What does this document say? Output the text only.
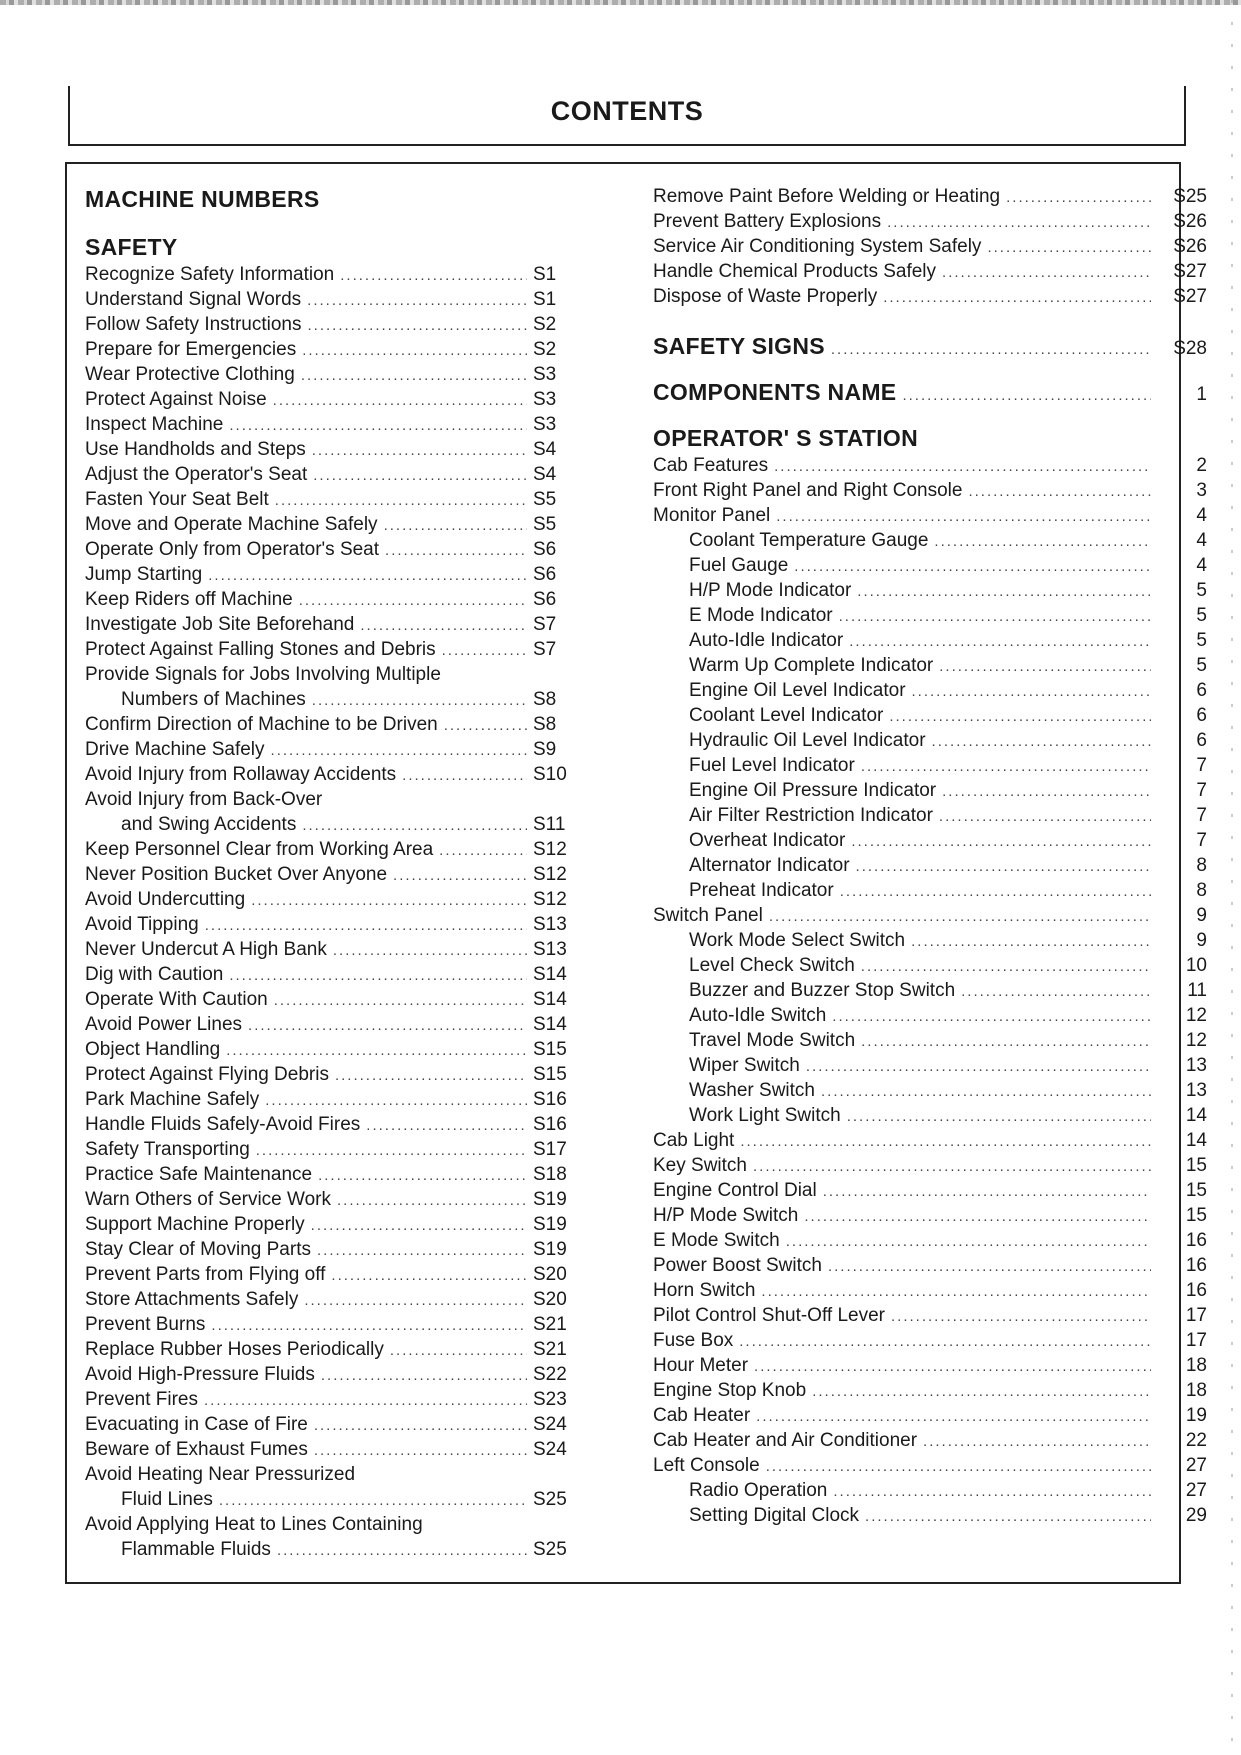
CONTENTS
MACHINE NUMBERS
SAFETY
Recognize Safety Information .....	S1
Understand Signal Words .....	S1
Follow Safety Instructions .....	S2
Prepare for Emergencies .....	S2
Wear Protective Clothing .....	S3
Protect Against Noise .....	S3
Inspect Machine .....	S3
Use Handholds and Steps .....	S4
Adjust the Operator's Seat .....	S4
Fasten Your Seat Belt .....	S5
Move and Operate Machine Safely .....	S5
Operate Only from Operator's Seat .....	S6
Jump Starting .....	S6
Keep Riders off Machine .....	S6
Investigate Job Site Beforehand .....	S7
Protect Against Falling Stones and Debris .....	S7
Provide Signals for Jobs Involving Multiple
Numbers of Machines .....	S8
Confirm Direction of Machine to be Driven .....	S8
Drive Machine Safely .....	S9
Avoid Injury from Rollaway Accidents .....	S10
Avoid Injury from Back-Over
and Swing Accidents .....	S11
Keep Personnel Clear from Working Area .....	S12
Never Position Bucket Over Anyone .....	S12
Avoid Undercutting .....	S12
Avoid Tipping .....	S13
Never Undercut A High Bank .....	S13
Dig with Caution .....	S14
Operate With Caution .....	S14
Avoid Power Lines .....	S14
Object Handling .....	S15
Protect Against Flying Debris .....	S15
Park Machine Safely .....	S16
Handle Fluids Safely-Avoid Fires .....	S16
Safety Transporting .....	S17
Practice Safe Maintenance .....	S18
Warn Others of Service Work .....	S19
Support Machine Properly .....	S19
Stay Clear of Moving Parts .....	S19
Prevent Parts from Flying off .....	S20
Store Attachments Safely .....	S20
Prevent Burns .....	S21
Replace Rubber Hoses Periodically .....	S21
Avoid High-Pressure Fluids .....	S22
Prevent Fires .....	S23
Evacuating in Case of Fire .....	S24
Beware of Exhaust Fumes .....	S24
Avoid Heating Near Pressurized
Fluid Lines .....	S25
Avoid Applying Heat to Lines Containing
Flammable Fluids .....	S25
Remove Paint Before Welding or Heating .....	S25
Prevent Battery Explosions .....	S26
Service Air Conditioning System Safely .....	S26
Handle Chemical Products Safely .....	S27
Dispose of Waste Properly .....	S27
SAFETY SIGNS .....	S28
COMPONENTS NAME .....	1
OPERATOR' S STATION
Cab Features .....	2
Front Right Panel and Right Console .....	3
Monitor Panel .....	4
Coolant Temperature Gauge .....	4
Fuel Gauge .....	4
H/P Mode Indicator .....	5
E Mode Indicator .....	5
Auto-Idle Indicator .....	5
Warm Up Complete Indicator .....	5
Engine Oil Level Indicator .....	6
Coolant Level Indicator .....	6
Hydraulic Oil Level Indicator .....	6
Fuel Level Indicator .....	7
Engine Oil Pressure Indicator .....	7
Air Filter Restriction Indicator .....	7
Overheat Indicator .....	7
Alternator Indicator .....	8
Preheat Indicator .....	8
Switch Panel .....	9
Work Mode Select Switch .....	9
Level Check Switch .....	10
Buzzer and Buzzer Stop Switch .....	11
Auto-Idle Switch .....	12
Travel Mode Switch .....	12
Wiper Switch .....	13
Washer Switch .....	13
Work Light Switch .....	14
Cab Light .....	14
Key Switch .....	15
Engine Control Dial .....	15
H/P Mode Switch .....	15
E Mode Switch .....	16
Power Boost Switch .....	16
Horn Switch .....	16
Pilot Control Shut-Off Lever .....	17
Fuse Box .....	17
Hour Meter .....	18
Engine Stop Knob .....	18
Cab Heater .....	19
Cab Heater and Air Conditioner .....	22
Left Console .....	27
Radio Operation .....	27
Setting Digital Clock .....	29
